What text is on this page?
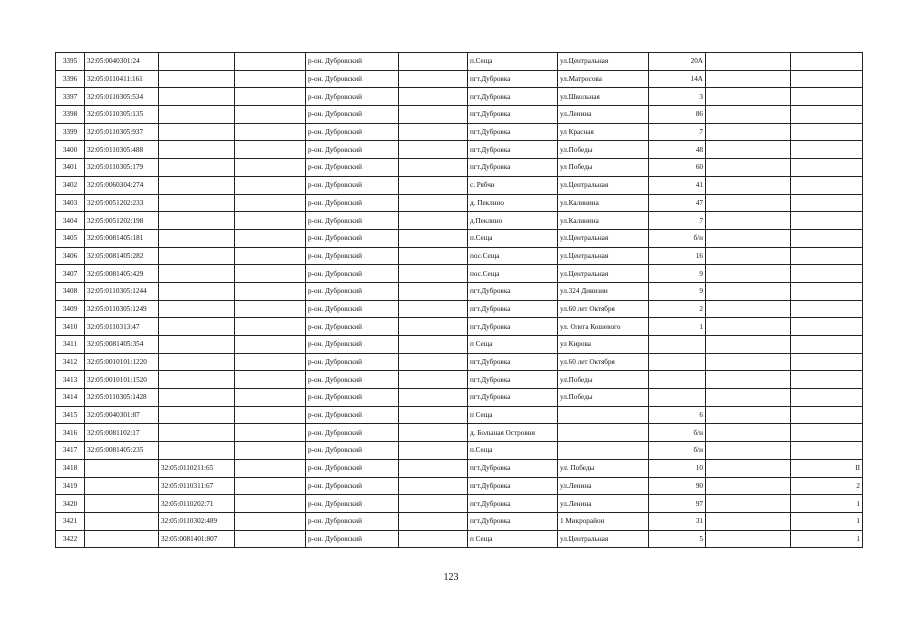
3395	32:05:0040301:24			р-он. Дубровский		п.Сеща	ул.Центральная	20А		
3396	32:05:0110411:161			р-он. Дубровский		пгт.Дубровка	ул.Матросова	14А		
3397	32:05:0110305:534			р-он. Дубровский		пгт.Дубровка	ул.Школьная	3		
3398	32:05:0110305:135			р-он. Дубровский		пгт.Дубровка	ул.Ленина	86		
3399	32:05:0110305:937			р-он. Дубровский		пгт.Дубровка	ул Красная	7		
3400	32:05:0110305:488			р-он. Дубровский		пгт.Дубровка	ул.Победы	48		
3401	32:05:0110305:179			р-он. Дубровский		пгт.Дубровка	ул Победы	60		
3402	32:05:0060304:274			р-он. Дубровский		с. Рябчи	ул.Центральная	41		
3403	32:05:0051202:233			р-он. Дубровский		д. Пеклино	ул.Калинина	47		
3404	32:05:0051202:198			р-он. Дубровский		д.Пеклино	ул.Калинина	7		
3405	32:05:0081405:181			р-он. Дубровский		п.Сеща	ул.Центральная	б/н		
3406	32:05:0081405:282			р-он. Дубровский		пос.Сеща	ул.Центральная	16		
3407	32:05:0081405:429			р-он. Дубровский		пос.Сеща	ул.Центральная	9		
3408	32:05:0110305:1244			р-он. Дубровский		пгт.Дубровка	ул.324 Дивизии	9		
3409	32:05:0110305:1249			р-он. Дубровский		пгт.Дубровка	ул.60 лет Октября	2		
3410	32:05:0110313:47			р-он. Дубровский		пгт.Дубровка	ул. Олега Кошевого	1		
3411	32:05:0081405:354			р-он. Дубровский		п Сеща	ул Кирова			
3412	32:05:0010101:1220			р-он. Дубровский		пгт.Дубровка	ул.60 лет Октября			
3413	32:05:0010101:1520			р-он. Дубровский		пгт.Дубровка	ул.Победы			
3414	32:05:0110305:1428			р-он. Дубровский		пгт.Дубровка	ул.Победы			
3415	32:05:0040301:87			р-он. Дубровский		п Сеща		6		
3416	32:05:0081102:17			р-он. Дубровский		д. Большая Островня		б/н		
3417	32:05:0081405:235			р-он. Дубровский		п.Сеща		б/н		
3418		32:05:0110211:65		р-он. Дубровский		пгт.Дубровка	ул. Победы	10		II
3419		32:05:0110311:67		р-он. Дубровский		пгт.Дубровка	ул.Ленина	90		2
3420		32:05:0110202:71		р-он. Дубровский		пгт.Дубровка	ул.Ленина	97		1
3421		32:05:0110302:489		р-он. Дубровский		пгт.Дубровка	1 Микрорайон	31		1
3422		32:05:0081401:807		р-он. Дубровский		п Сеща	ул.Центральная	5		1
123
